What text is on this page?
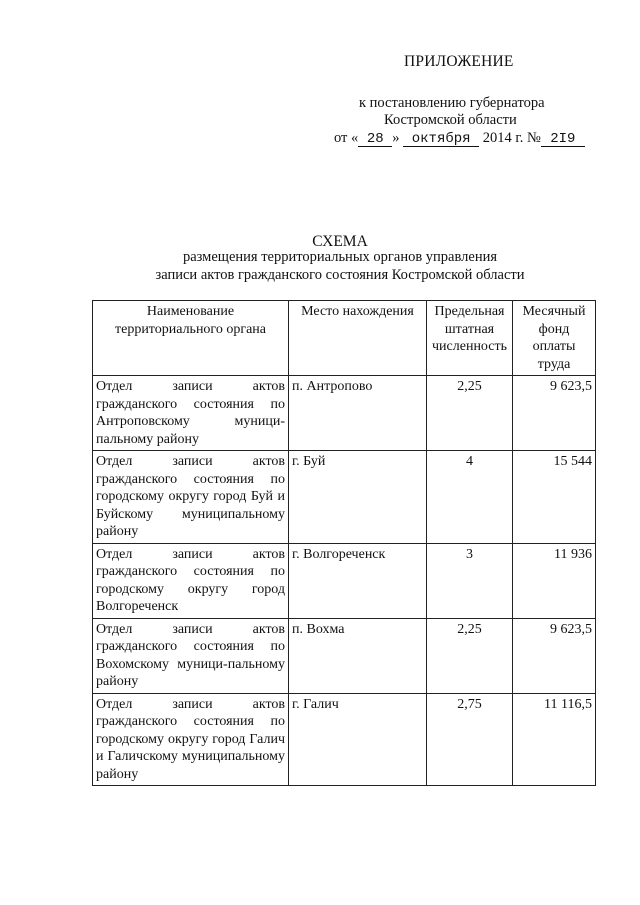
ПРИЛОЖЕНИЕ
к постановлению губернатора
Костромской области
от « 28 » октября 2014 г. № 2I9
СХЕМА
размещения территориальных органов управления
записи актов гражданского состояния Костромской области
Наименование территориального органа	Место нахождения	Предельная штатная численность	Месячный фонд оплаты труда
Отдел записи актов гражданского состояния по Антроповскому муници-пальному району	п. Антропово	2,25	9 623,5
Отдел записи актов гражданского состояния по городскому округу город Буй и Буйскому муниципальному району	г. Буй	4	15 544
Отдел записи актов гражданского состояния по городскому округу город Волгореченск	г. Волгореченск	3	11 936
Отдел записи актов гражданского состояния по Вохомскому муници-пальному району	п. Вохма	2,25	9 623,5
Отдел записи актов гражданского состояния по городскому округу город Галич и Галичскому муниципальному району	г. Галич	2,75	11 116,5
